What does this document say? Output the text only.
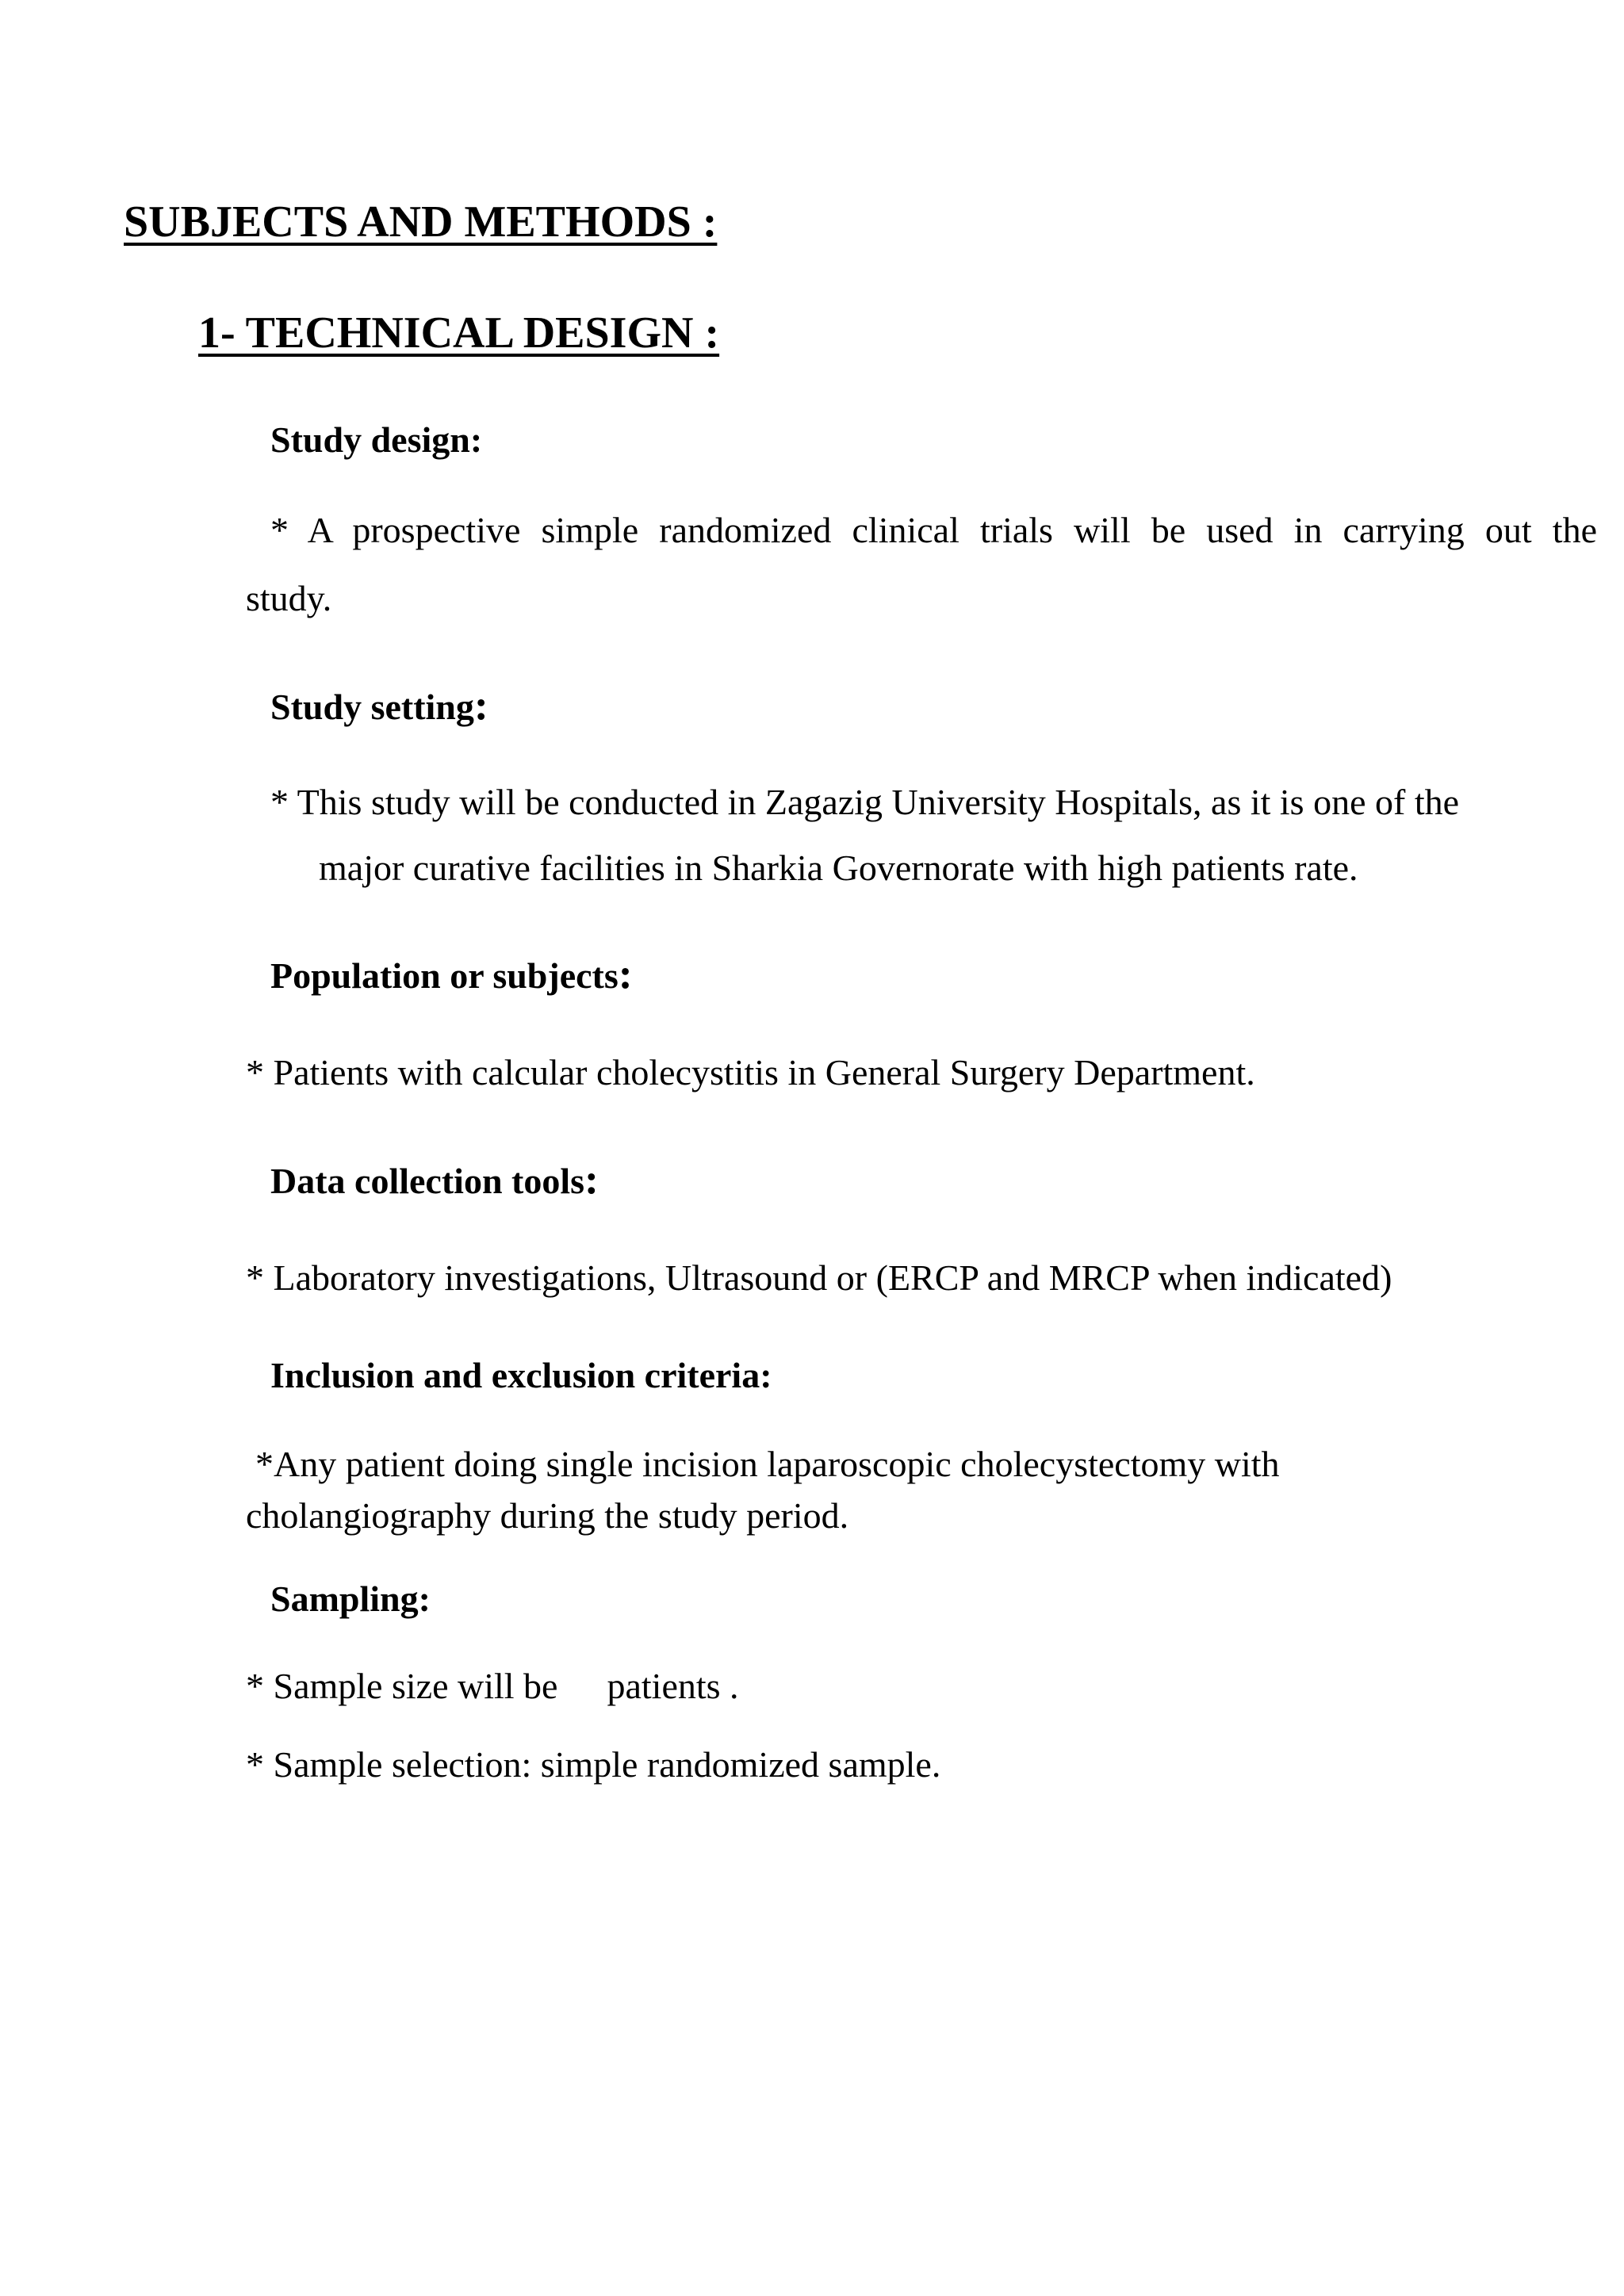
SUBJECTS AND METHODS :
1- TECHNICAL DESIGN :
Study design:
* A prospective simple randomized clinical trials will be used in carrying out the
study.
Study setting:
* This study will be conducted in Zagazig University Hospitals, as it is one of the
major curative facilities in Sharkia Governorate with high patients rate.
Population or subjects:
* Patients with calcular cholecystitis in General Surgery Department.
Data collection tools:
* Laboratory investigations, Ultrasound or (ERCP and MRCP when indicated)
Inclusion and exclusion criteria:
*Any patient doing single incision laparoscopic cholecystectomy with
cholangiography during the study period.
Sampling:
* Sample size will be patients .
* Sample selection: simple randomized sample.
